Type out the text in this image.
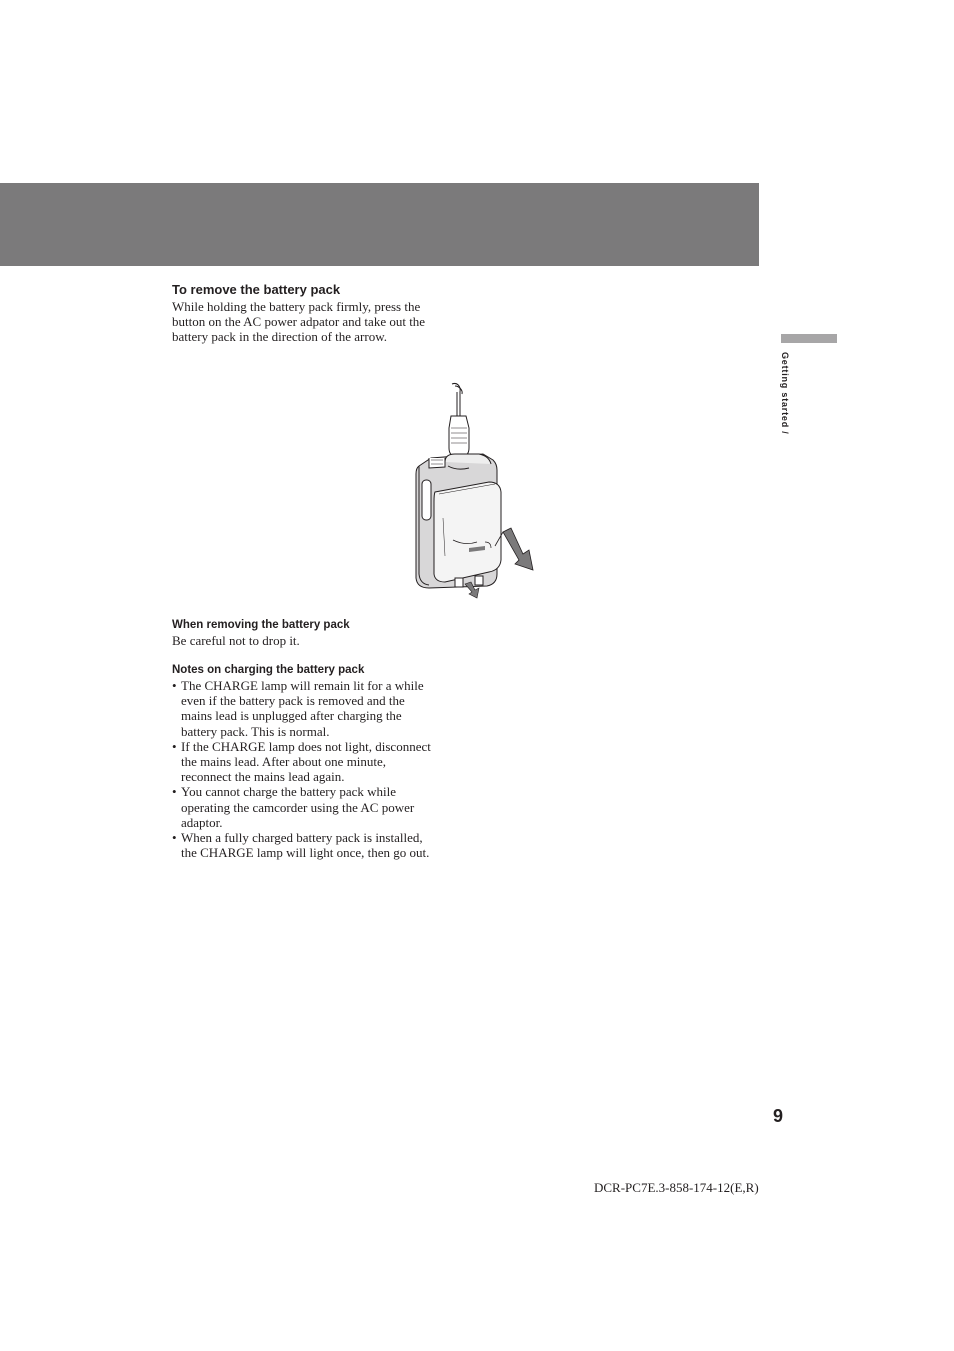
Getting started /
To remove the battery pack

While holding the battery pack firmly, press the
button on the AC power adpator and take out the
battery pack in the direction of the arrow.

When removing the battery pack

Be careful not to drop it.

Notes on charging the battery pack
• The CHARGE lamp will remain lit for a while
even if the battery pack is removed and the
mains lead is unplugged after charging the
battery pack. This is normal.
• If the CHARGE lamp does not light, disconnect
the mains lead. After about one minute,
reconnect the mains lead again.
• You cannot charge the battery pack while
operating the camcorder using the AC power
adaptor.
• When a fully charged battery pack is installed,
the CHARGE lamp will light once, then go out.
9
DCR-PC7E.3-858-174-12(E,R)
